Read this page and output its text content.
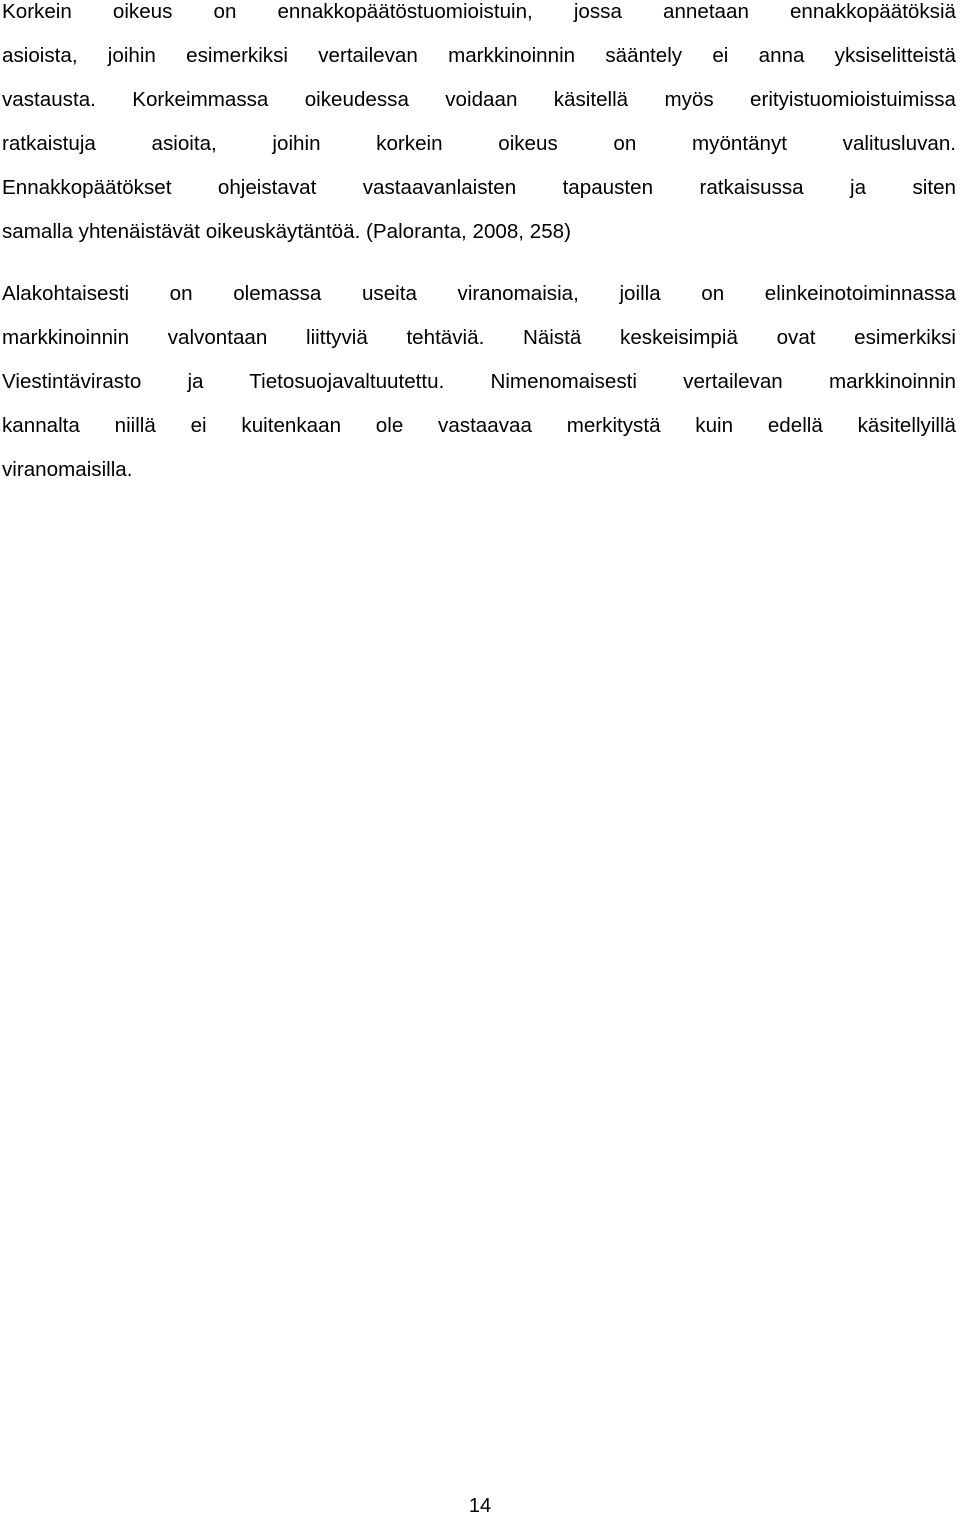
Korkein oikeus on ennakkopäätöstuomioistuin, jossa annetaan ennakkopäätöksiä
asioista, joihin esimerkiksi vertailevan markkinoinnin sääntely ei anna yksiselitteistä
vastausta. Korkeimmassa oikeudessa voidaan käsitellä myös erityistuomioistuimissa
ratkaistuja asioita, joihin korkein oikeus on myöntänyt valitusluvan.
Ennakkopäätökset ohjeistavat vastaavanlaisten tapausten ratkaisussa ja siten
samalla yhtenäistävät oikeuskäytäntöä. (Paloranta, 2008, 258)

Alakohtaisesti on olemassa useita viranomaisia, joilla on elinkeinotoiminnassa
markkinoinnin valvontaan liittyviä tehtäviä. Näistä keskeisimpiä ovat esimerkiksi
Viestintävirasto ja Tietosuojavaltuutettu. Nimenomaisesti vertailevan markkinoinnin
kannalta niillä ei kuitenkaan ole vastaavaa merkitystä kuin edellä käsitellyillä
viranomaisilla.

14
